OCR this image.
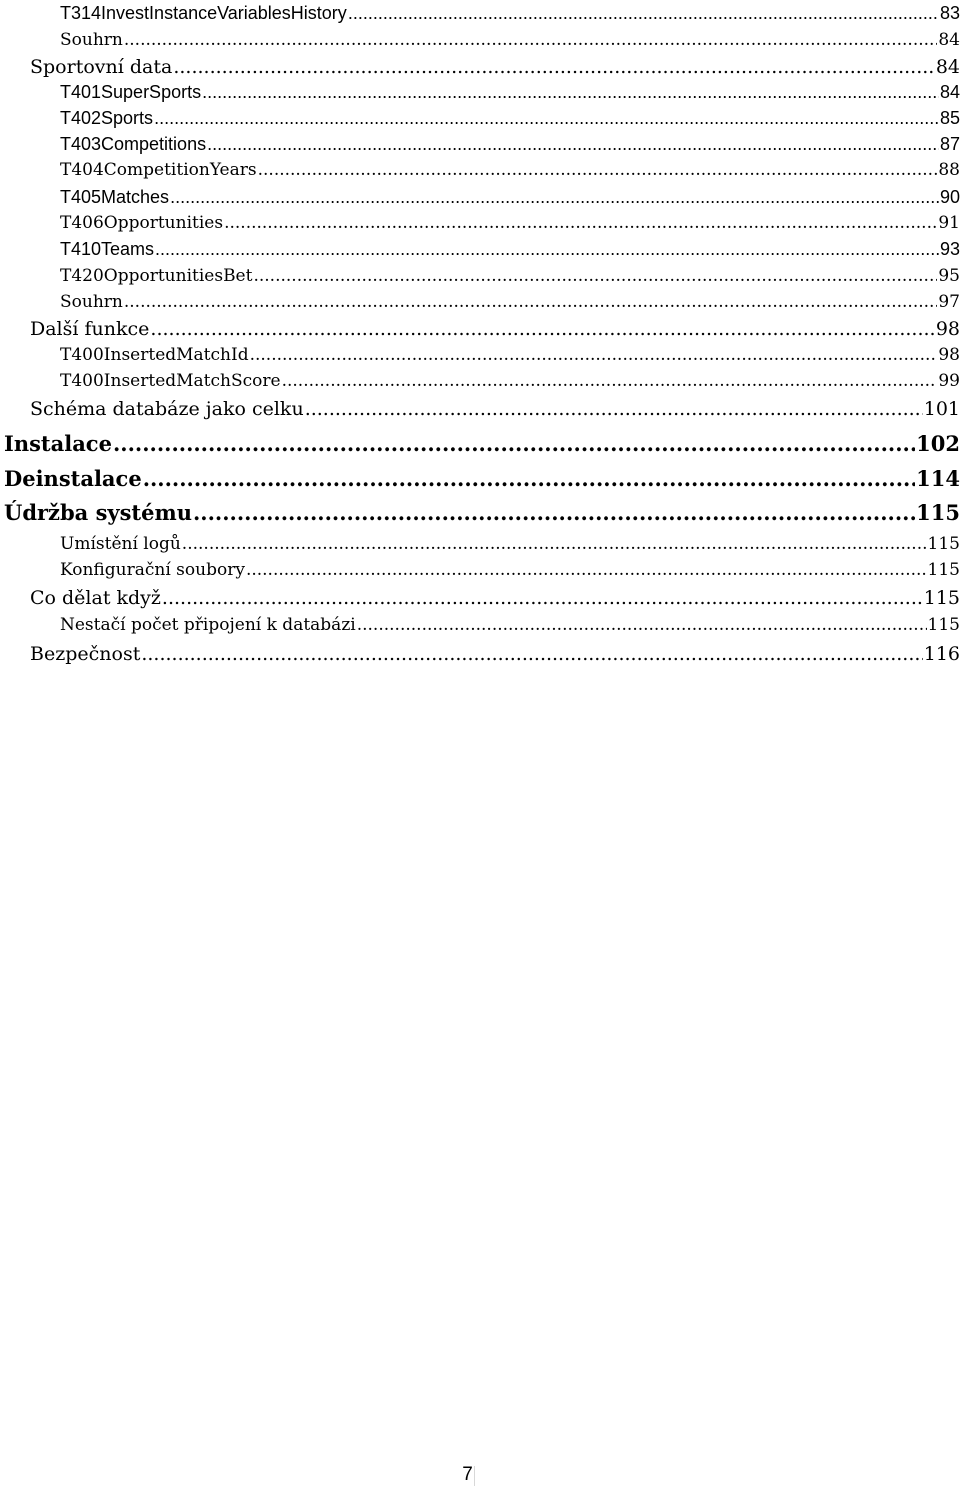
T314InvestInstanceVariablesHistory .....	83
Souhrn .....	84
Sportovní data .....	84
T401SuperSports .....	84
T402Sports .....	85
T403Competitions .....	87
T404CompetitionYears .....	88
T405Matches .....	90
T406Opportunities .....	91
T410Teams .....	93
T420OpportunitiesBet .....	95
Souhrn .....	97
Další funkce .....	98
T400InsertedMatchId .....	98
T400InsertedMatchScore .....	99
Schéma databáze jako celku .....	101
Instalace .....	102
Deinstalace .....	114
Údržba systému .....	115
Umístění logů .....	115
Konfigurační soubory .....	115
Co dělat když .....	115
Nestačí počet připojení k databázi .....	115
Bezpečnost .....	116
7
